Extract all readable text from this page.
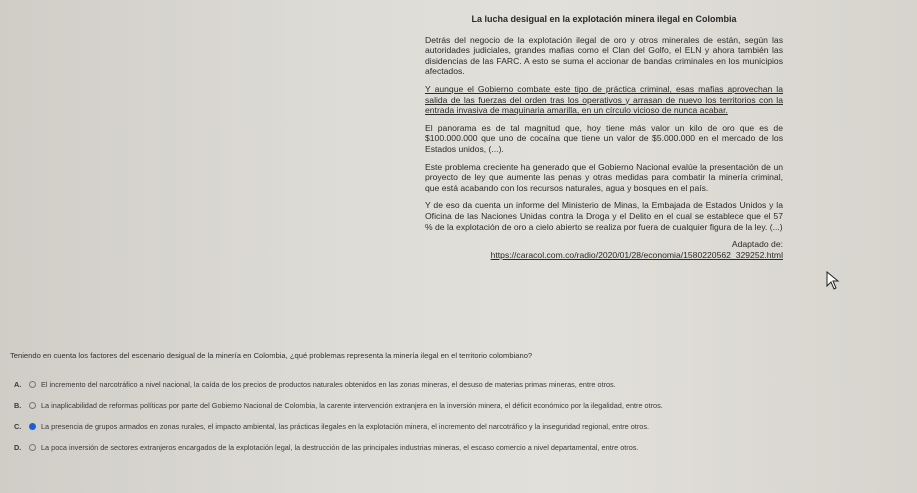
La lucha desigual en la explotación minera ilegal en Colombia

Detrás del negocio de la explotación ilegal de oro y otros minerales de están, según las autoridades judiciales, grandes mafias como el Clan del Golfo, el ELN y ahora también las disidencias de las FARC. A esto se suma el accionar de bandas criminales en los municipios afectados.

Y aunque el Gobierno combate este tipo de práctica criminal, esas mafias aprovechan la salida de las fuerzas del orden tras los operativos y arrasan de nuevo los territorios con la entrada invasiva de maquinaria amarilla, en un círculo vicioso de nunca acabar.

El panorama es de tal magnitud que, hoy tiene más valor un kilo de oro que es de $100.000.000 que uno de cocaína que tiene un valor de $5.000.000 en el mercado de los Estados unidos, (...).

Este problema creciente ha generado que el Gobierno Nacional evalúe la presentación de un proyecto de ley que aumente las penas y otras medidas para combatir la minería criminal, que está acabando con los recursos naturales, agua y bosques en el país.

Y de eso da cuenta un informe del Ministerio de Minas, la Embajada de Estados Unidos y la Oficina de las Naciones Unidas contra la Droga y el Delito en el cual se establece que el 57 % de la explotación de oro a cielo abierto se realiza por fuera de cualquier figura de la ley. (...)

Adaptado de:
https://caracol.com.co/radio/2020/01/28/economia/1580220562_329252.html
Teniendo en cuenta los factores del escenario desigual de la minería en Colombia, ¿qué problemas representa la minería ilegal en el territorio colombiano?
A.	El incremento del narcotráfico a nivel nacional, la caída de los precios de productos naturales obtenidos en las zonas mineras, el desuso de materias primas mineras, entre otros.
B.	La inaplicabilidad de reformas políticas por parte del Gobierno Nacional de Colombia, la carente intervención extranjera en la inversión minera, el déficit económico por la ilegalidad, entre otros.
C.	La presencia de grupos armados en zonas rurales, el impacto ambiental, las prácticas ilegales en la explotación minera, el incremento del narcotráfico y la inseguridad regional, entre otros.
D.	La poca inversión de sectores extranjeros encargados de la explotación legal, la destrucción de las principales industrias mineras, el escaso comercio a nivel departamental, entre otros.
